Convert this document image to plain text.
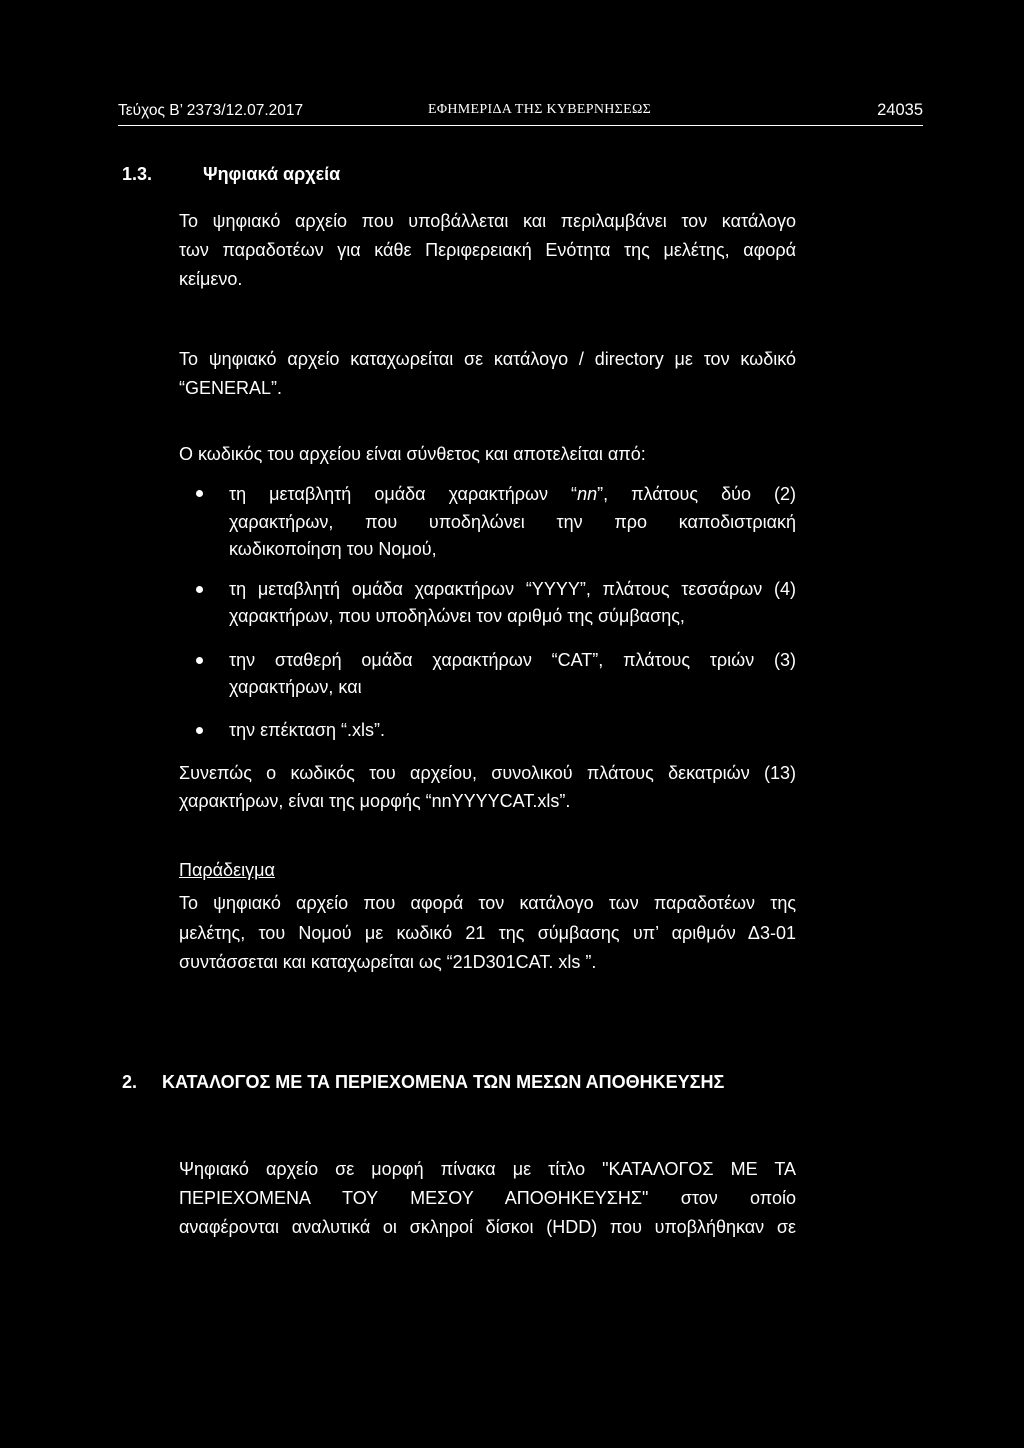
Τεύχος Β’ 2373/12.07.2017	ΕΦΗΜΕΡΙΔΑ ΤΗΣ ΚΥΒΕΡΝΗΣΕΩΣ	24035
1.3.	Ψηφιακά αρχεία
Το ψηφιακό αρχείο που υποβάλλεται και περιλαμβάνει τον κατάλογο
των παραδοτέων για κάθε Περιφερειακή Ενότητα της μελέτης, αφορά
κείμενο.
Το ψηφιακό αρχείο καταχωρείται σε κατάλογο / directory με τον κωδικό
“GENERAL”.
Ο κωδικός του αρχείου είναι σύνθετος και αποτελείται από:
τη μεταβλητή ομάδα χαρακτήρων “nn”, πλάτους δύο (2)
χαρακτήρων, που υποδηλώνει την προ καποδιστριακή
κωδικοποίηση του Νομού,
τη μεταβλητή ομάδα χαρακτήρων “YYYY”, πλάτους τεσσάρων (4)
χαρακτήρων, που υποδηλώνει τον αριθμό της σύμβασης,
την σταθερή ομάδα χαρακτήρων “CAT”, πλάτους τριών (3)
χαρακτήρων, και
την επέκταση “.xls”.
Συνεπώς ο κωδικός του αρχείου, συνολικού πλάτους δεκατριών (13)
χαρακτήρων, είναι της μορφής “nnYYYYCAT.xls”.
Παράδειγμα
Το ψηφιακό αρχείο που αφορά τον κατάλογο των παραδοτέων της
μελέτης, του Νομού με κωδικό 21 της σύμβασης υπ’ αριθμόν Δ3-01
συντάσσεται και καταχωρείται ως “21D301CAT. xls ”.
2. ΚΑΤΑΛΟΓΟΣ ΜΕ ΤΑ ΠΕΡΙΕΧΟΜΕΝΑ ΤΩΝ ΜΕΣΩΝ ΑΠΟΘΗΚΕΥΣΗΣ
Ψηφιακό αρχείο σε μορφή πίνακα με τίτλο "ΚΑΤΑΛΟΓΟΣ ΜΕ ΤΑ
ΠΕΡΙΕΧΟΜΕΝΑ ΤΟΥ ΜΕΣΟΥ ΑΠΟΘΗΚΕΥΣΗΣ" στον οποίο
αναφέρονται αναλυτικά οι σκληροί δίσκοι (HDD) που υποβλήθηκαν σε
